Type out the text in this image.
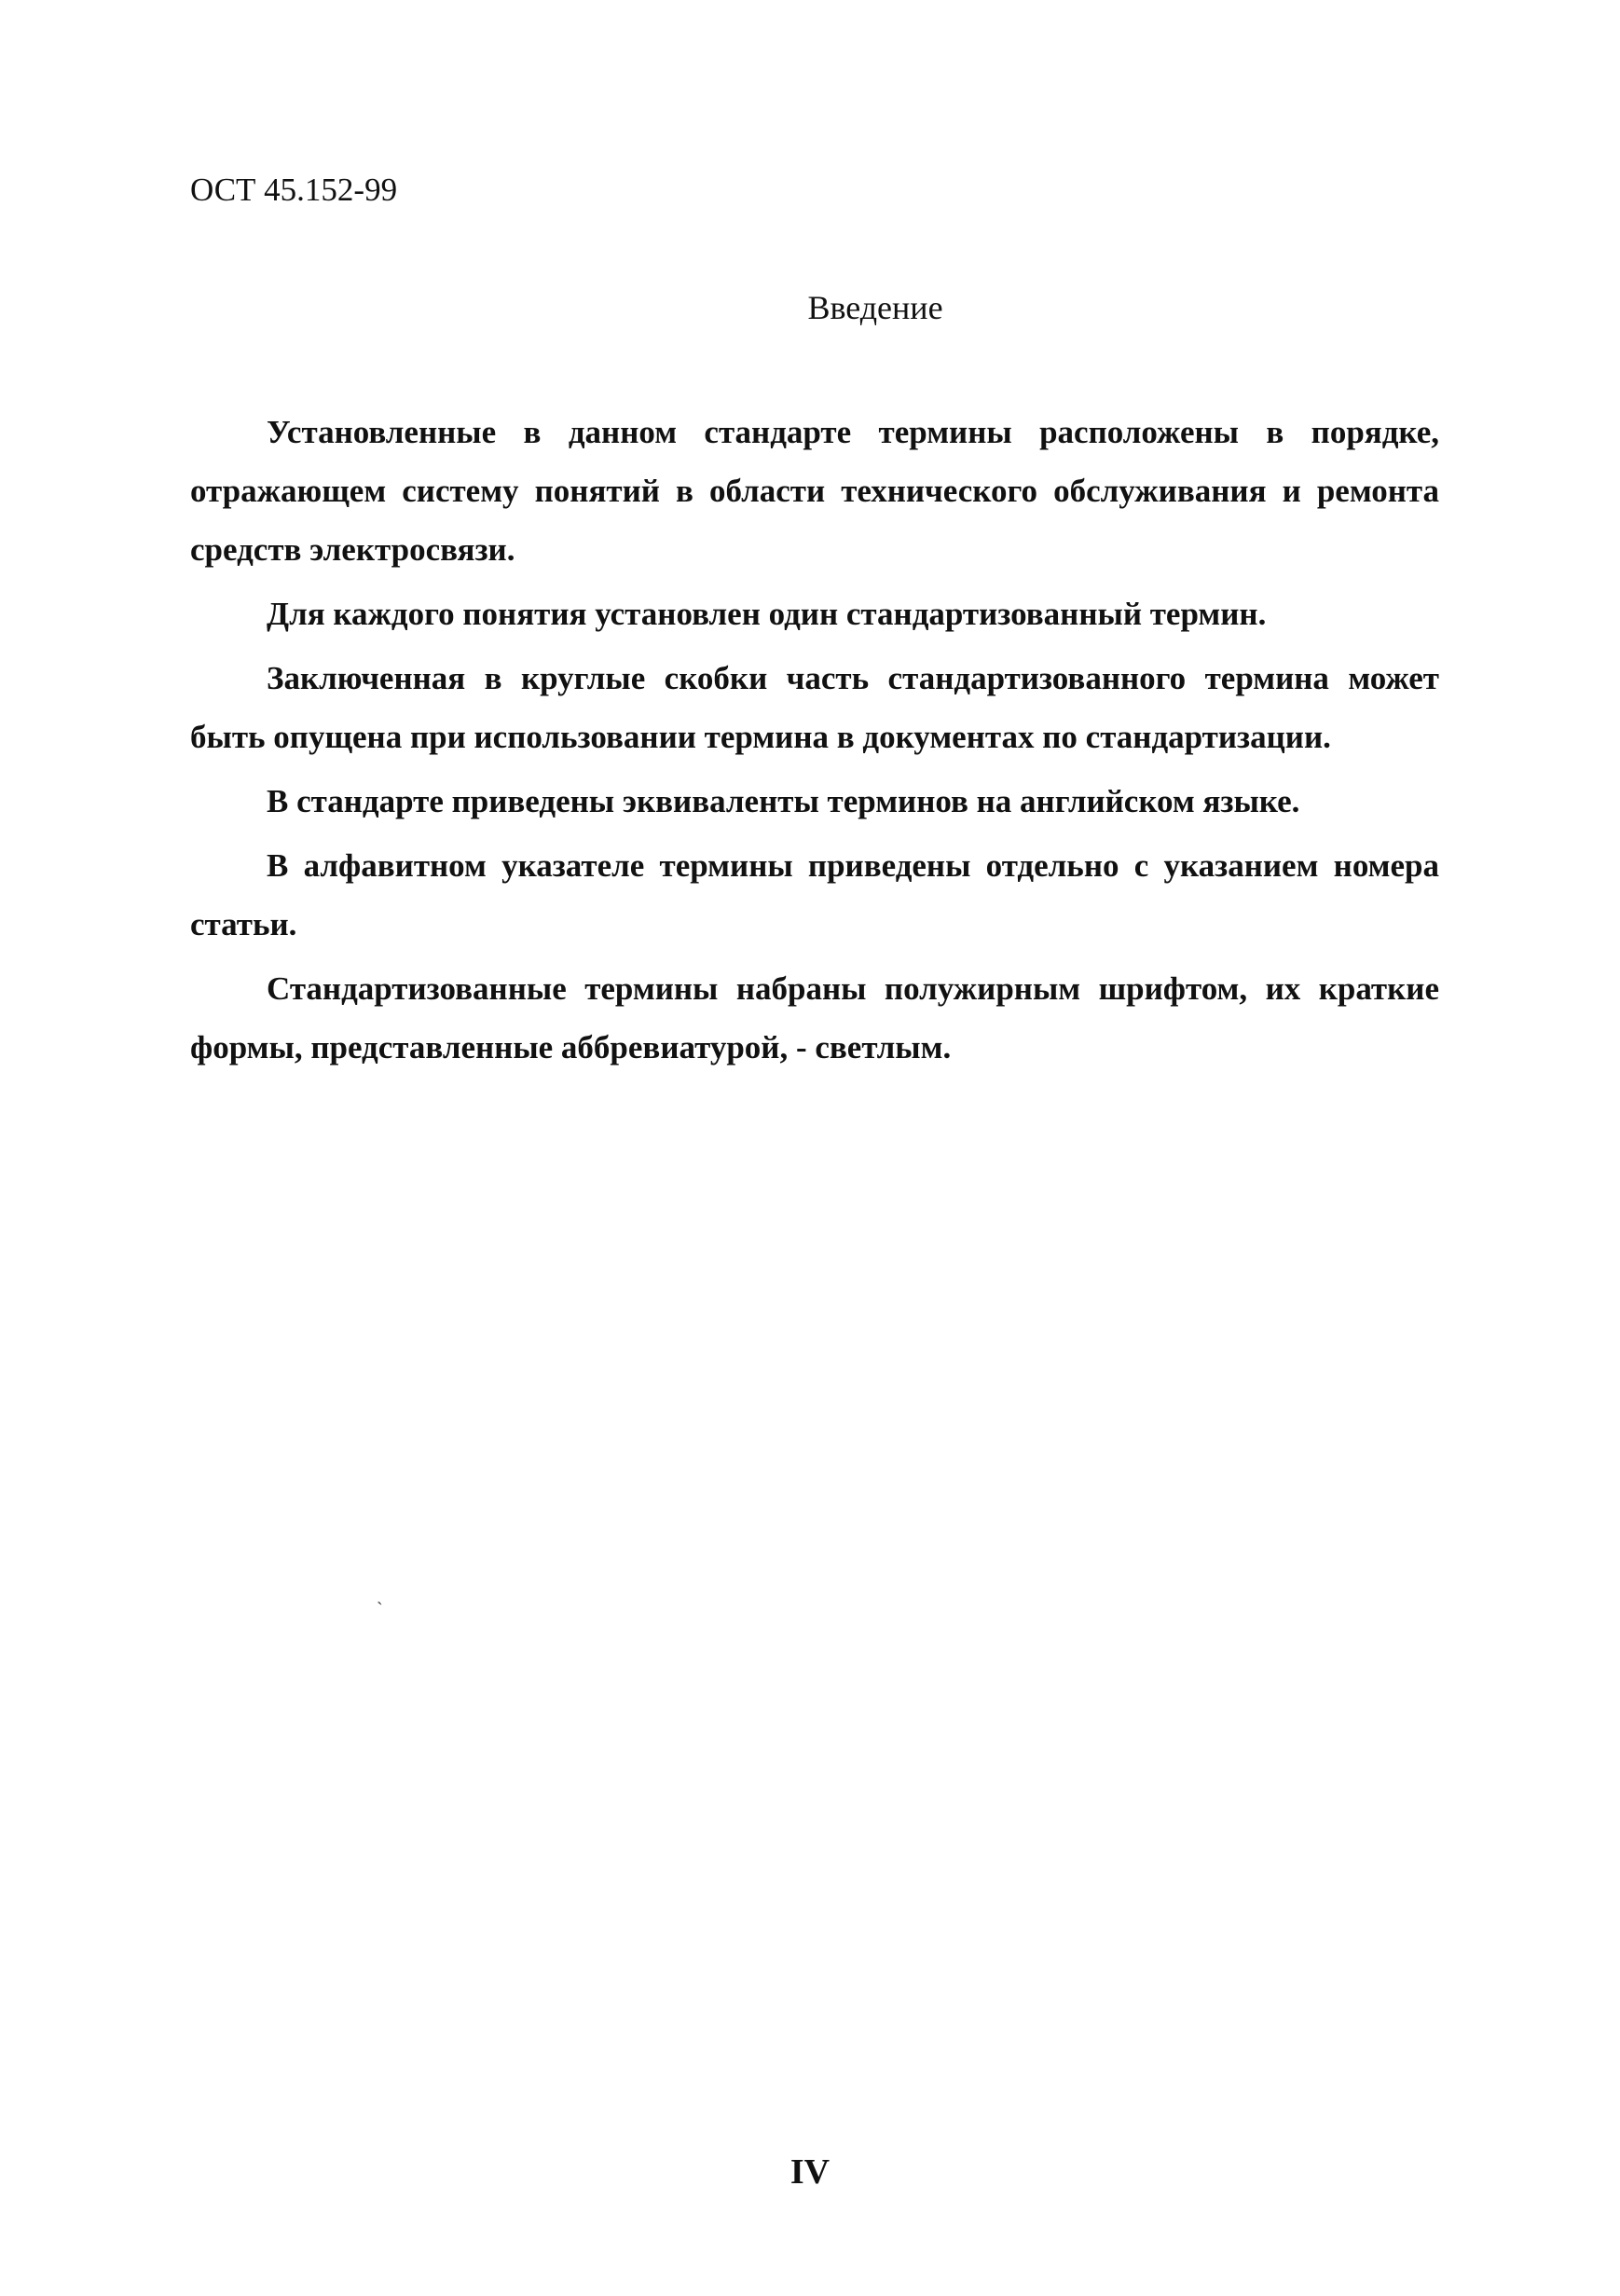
ОСТ 45.152-99
Введение

Установленные в данном стандарте термины расположены в порядке, отражающем систему понятий в области технического обслуживания и ремонта средств электросвязи.

Для каждого понятия установлен один стандартизованный термин.

Заключенная в круглые скобки часть стандартизованного термина может быть опущена при использовании термина в документах по стандартизации.

В стандарте приведены эквиваленты терминов на английском языке.

В алфавитном указателе термины приведены отдельно с указанием номера статьи.

Стандартизованные термины набраны полужирным шрифтом, их краткие формы, представленные аббревиатурой, - светлым.

ˏ
IV
